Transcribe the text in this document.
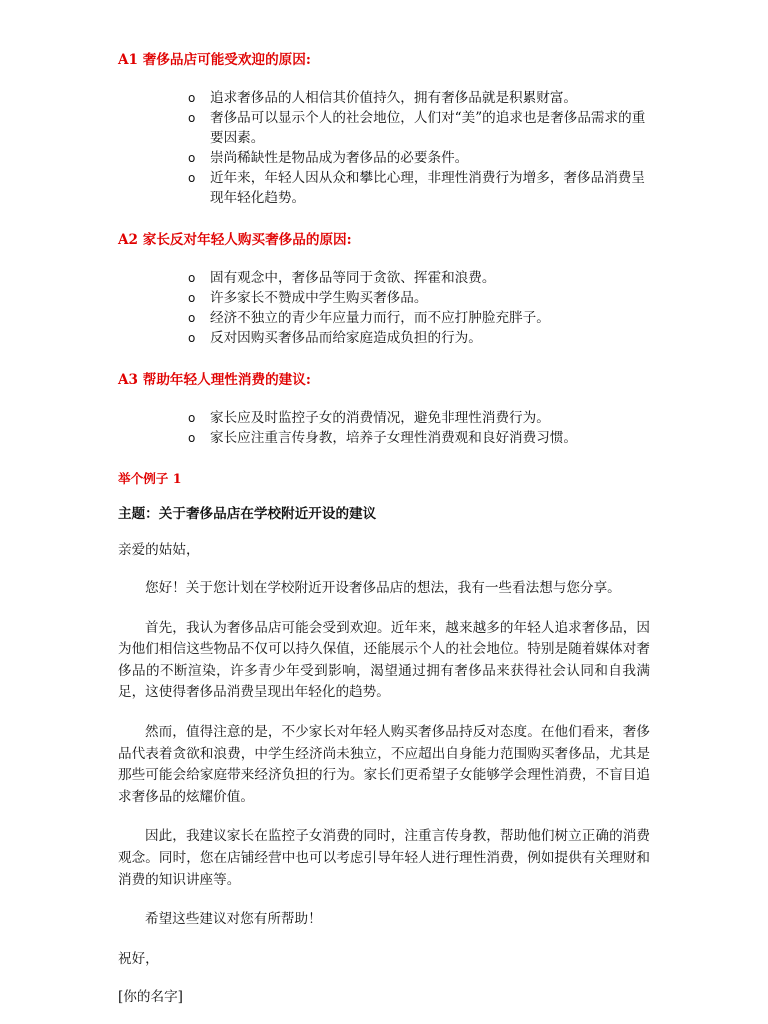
A1 奢侈品店可能受欢迎的原因:
o 追求奢侈品的人相信其价值持久，拥有奢侈品就是积累财富。
o 奢侈品可以显示个人的社会地位，人们对“美”的追求也是奢侈品需求的重要因素。
o 崇尚稀缺性是物品成为奢侈品的必要条件。
o 近年来，年轻人因从众和攀比心理，非理性消费行为增多，奢侈品消费呈现年轻化趋势。
A2 家长反对年轻人购买奢侈品的原因:
o 固有观念中，奢侈品等同于贪欲、挥霍和浪费。
o 许多家长不赞成中学生购买奢侈品。
o 经济不独立的青少年应量力而行，而不应打肿脸充胖子。
o 反对因购买奢侈品而给家庭造成负担的行为。
A3 帮助年轻人理性消费的建议:
o 家长应及时监控子女的消费情况，避免非理性消费行为。
o 家长应注重言传身教，培养子女理性消费观和良好消费习惯。
举个例子 1
主题：关于奢侈品店在学校附近开设的建议
亲爱的姑姑，

您好！关于您计划在学校附近开设奢侈品店的想法，我有一些看法想与您分享。

首先，我认为奢侈品店可能会受到欢迎。近年来，越来越多的年轻人追求奢侈品，因为他们相信这些物品不仅可以持久保值，还能展示个人的社会地位。特别是随着媒体对奢侈品的不断渲染，许多青少年受到影响，渴望通过拥有奢侈品来获得社会认同和自我满足，这使得奢侈品消费呈现出年轻化的趋势。

然而，值得注意的是，不少家长对年轻人购买奢侈品持反对态度。在他们看来，奢侈品代表着贪欲和浪费，中学生经济尚未独立，不应超出自身能力范围购买奢侈品，尤其是那些可能会给家庭带来经济负担的行为。家长们更希望子女能够学会理性消费，不盲目追求奢侈品的炫耀价值。

因此，我建议家长在监控子女消费的同时，注重言传身教，帮助他们树立正确的消费观念。同时，您在店铺经营中也可以考虑引导年轻人进行理性消费，例如提供有关理财和消费的知识讲座等。

希望这些建议对您有所帮助！

祝好，
[你的名字]
